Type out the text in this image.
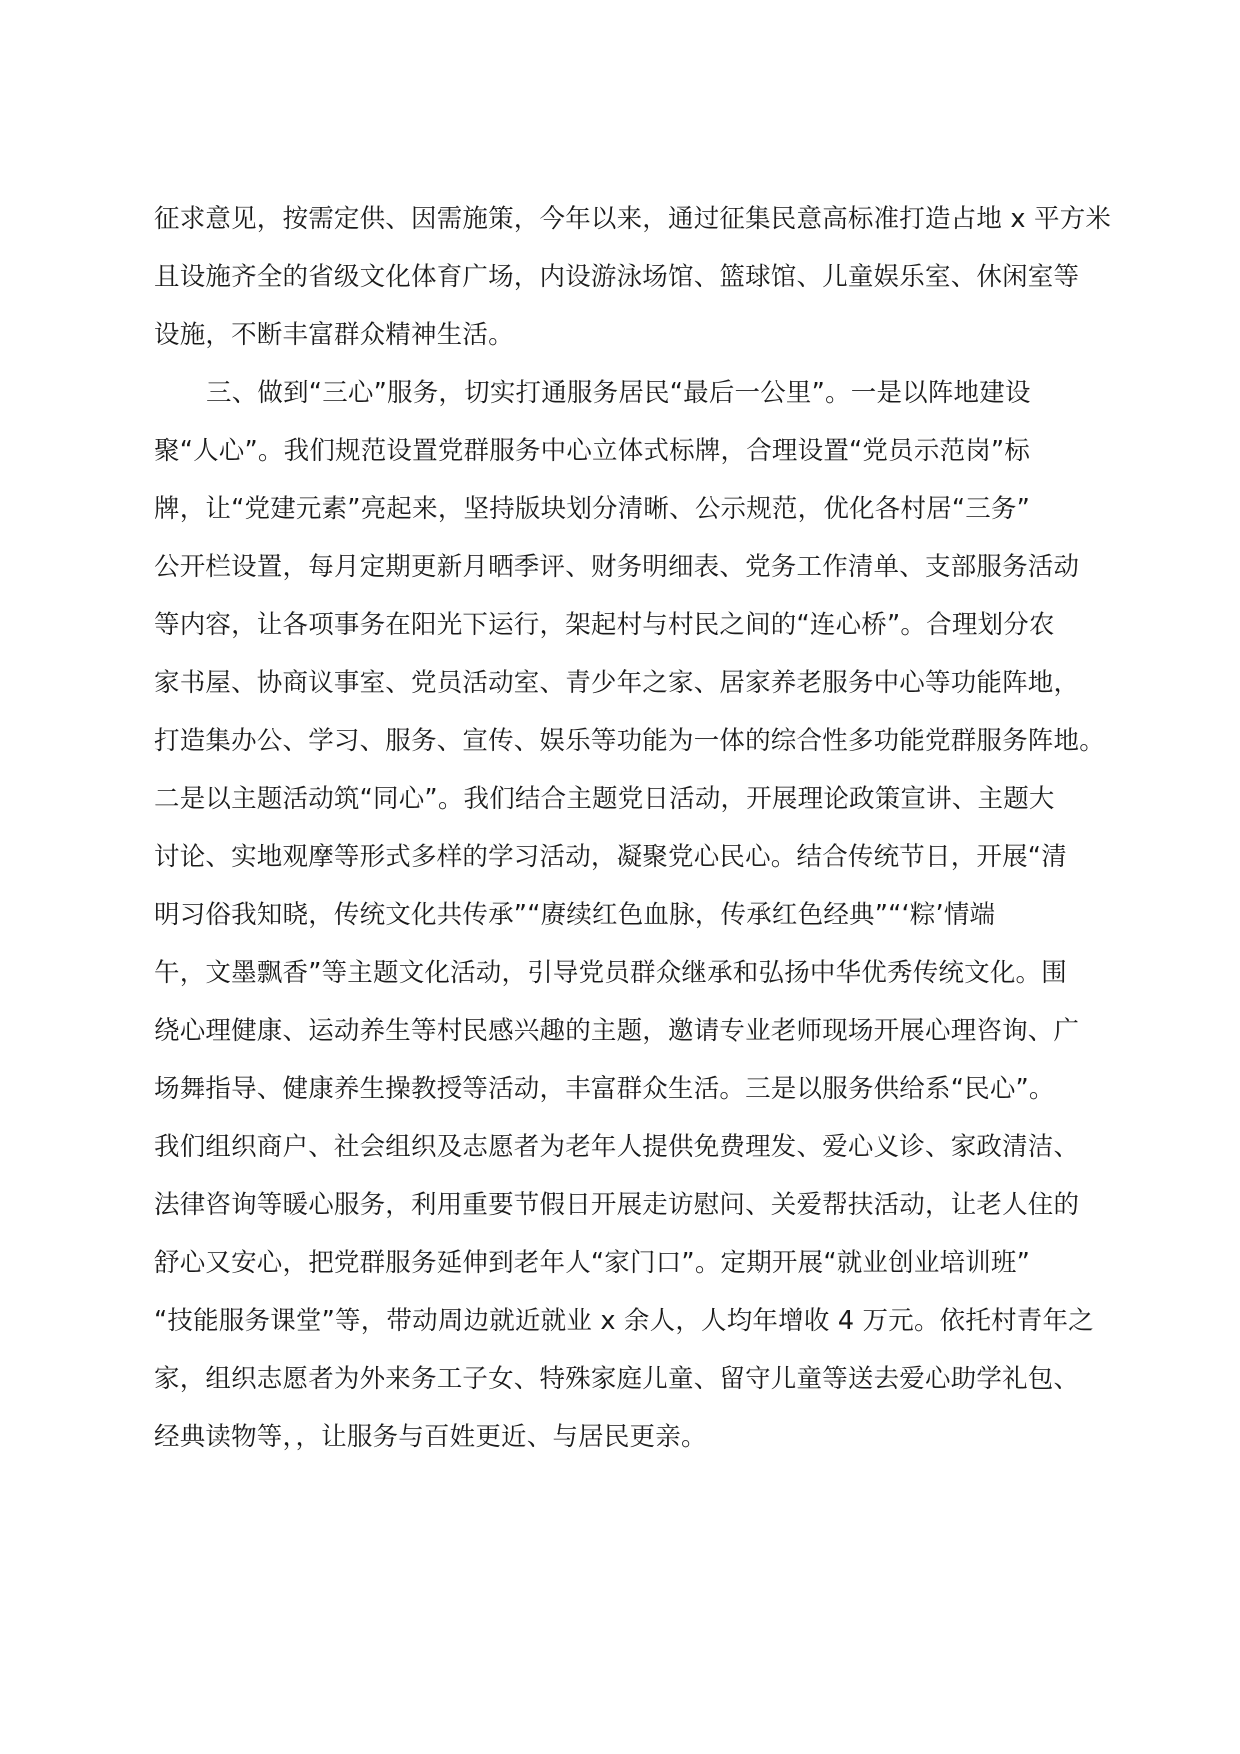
征求意见，按需定供、因需施策，今年以来，通过征集民意高标准打造占地 x 平方米
且设施齐全的省级文化体育广场，内设游泳场馆、篮球馆、儿童娱乐室、休闲室等
设施，不断丰富群众精神生活。
三、做到“三心”服务，切实打通服务居民“最后一公里”。一是以阵地建设
聚“人心”。我们规范设置党群服务中心立体式标牌，合理设置“党员示范岗”标
牌，让“党建元素”亮起来，坚持版块划分清晰、公示规范，优化各村居“三务”
公开栏设置，每月定期更新月晒季评、财务明细表、党务工作清单、支部服务活动
等内容，让各项事务在阳光下运行，架起村与村民之间的“连心桥”。合理划分农
家书屋、协商议事室、党员活动室、青少年之家、居家养老服务中心等功能阵地，
打造集办公、学习、服务、宣传、娱乐等功能为一体的综合性多功能党群服务阵地。
二是以主题活动筑“同心”。我们结合主题党日活动，开展理论政策宣讲、主题大
讨论、实地观摩等形式多样的学习活动，凝聚党心民心。结合传统节日，开展“清
明习俗我知晓，传统文化共传承”“赓续红色血脉，传承红色经典”“‘粽’情端
午，文墨飘香”等主题文化活动，引导党员群众继承和弘扬中华优秀传统文化。围
绕心理健康、运动养生等村民感兴趣的主题，邀请专业老师现场开展心理咨询、广
场舞指导、健康养生操教授等活动，丰富群众生活。三是以服务供给系“民心”。
我们组织商户、社会组织及志愿者为老年人提供免费理发、爱心义诊、家政清洁、
法律咨询等暖心服务，利用重要节假日开展走访慰问、关爱帮扶活动，让老人住的
舒心又安心，把党群服务延伸到老年人“家门口”。定期开展“就业创业培训班”
“技能服务课堂”等，带动周边就近就业 x 余人，人均年增收 4 万元。依托村青年之
家，组织志愿者为外来务工子女、特殊家庭儿童、留守儿童等送去爱心助学礼包、
经典读物等，，让服务与百姓更近、与居民更亲。
